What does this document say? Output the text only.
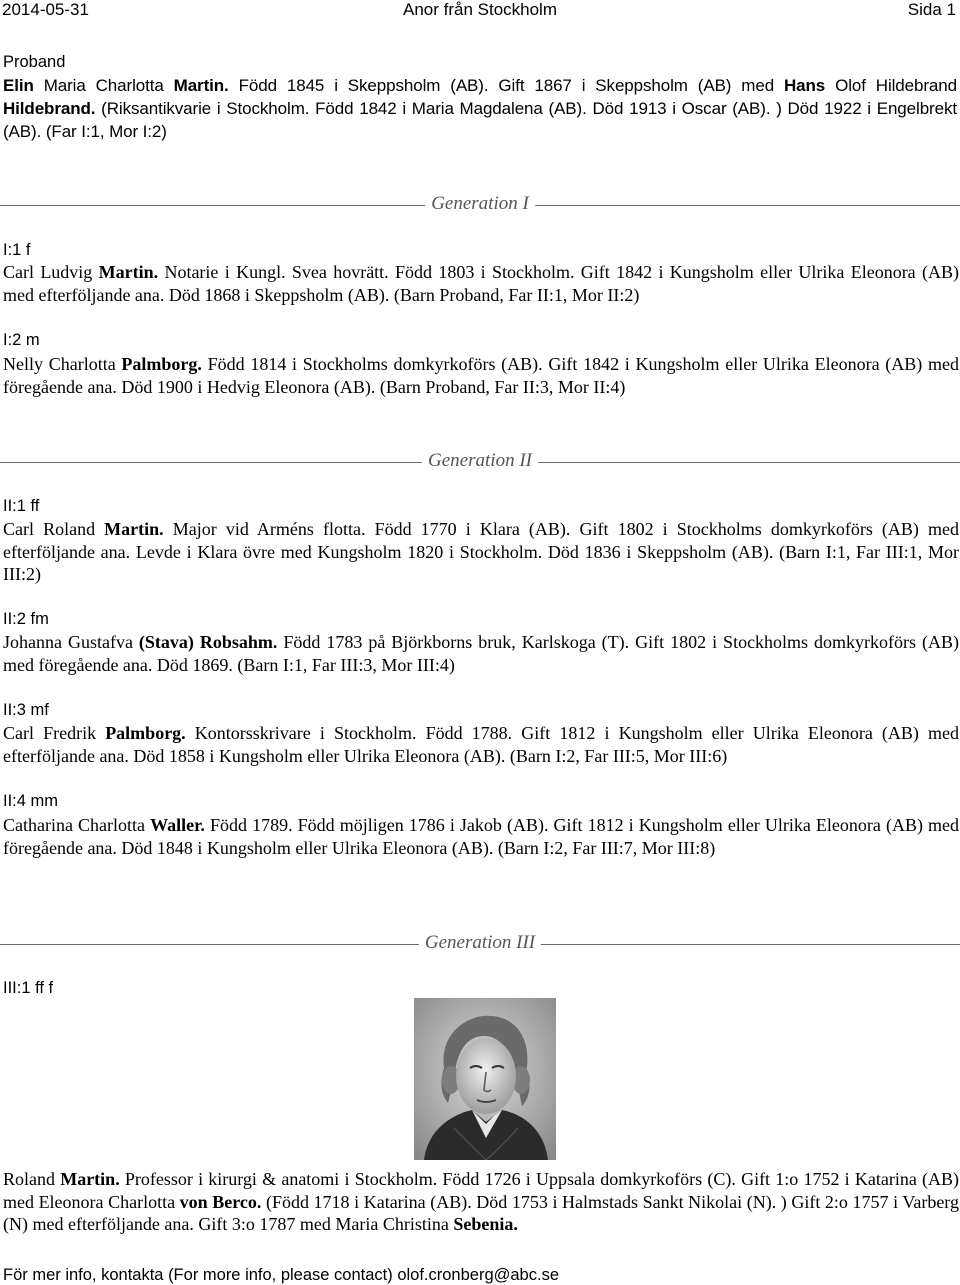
2014-05-31	Anor från Stockholm	Sida 1
Proband
Elin Maria Charlotta Martin. Född 1845 i Skeppsholm (AB). Gift 1867 i Skeppsholm (AB) med Hans Olof Hildebrand Hildebrand. (Riksantikvarie i Stockholm. Född 1842 i Maria Magdalena (AB). Död 1913 i Oscar (AB). ) Död 1922 i Engelbrekt (AB). (Far I:1, Mor I:2)
Generation I
I:1 f
Carl Ludvig Martin. Notarie i Kungl. Svea hovrätt. Född 1803 i Stockholm. Gift 1842 i Kungsholm eller Ulrika Eleonora (AB) med efterföljande ana. Död 1868 i Skeppsholm (AB). (Barn Proband, Far II:1, Mor II:2)
I:2 m
Nelly Charlotta Palmborg. Född 1814 i Stockholms domkyrkoförs (AB). Gift 1842 i Kungsholm eller Ulrika Eleonora (AB) med föregående ana. Död 1900 i Hedvig Eleonora (AB). (Barn Proband, Far II:3, Mor II:4)
Generation II
II:1 ff
Carl Roland Martin. Major vid Arméns flotta. Född 1770 i Klara (AB). Gift 1802 i Stockholms domkyrkoförs (AB) med efterföljande ana. Levde i Klara övre med Kungsholm 1820 i Stockholm. Död 1836 i Skeppsholm (AB). (Barn I:1, Far III:1, Mor III:2)
II:2 fm
Johanna Gustafva (Stava) Robsahm. Född 1783 på Björkborns bruk, Karlskoga (T). Gift 1802 i Stockholms domkyrkoförs (AB) med föregående ana. Död 1869. (Barn I:1, Far III:3, Mor III:4)
II:3 mf
Carl Fredrik Palmborg. Kontorsskrivare i Stockholm. Född 1788. Gift 1812 i Kungsholm eller Ulrika Eleonora (AB) med efterföljande ana. Död 1858 i Kungsholm eller Ulrika Eleonora (AB). (Barn I:2, Far III:5, Mor III:6)
II:4 mm
Catharina Charlotta Waller. Född 1789. Född möjligen 1786 i Jakob (AB). Gift 1812 i Kungsholm eller Ulrika Eleonora (AB) med föregående ana. Död 1848 i Kungsholm eller Ulrika Eleonora (AB). (Barn I:2, Far III:7, Mor III:8)
Generation III
III:1 ff f
Roland Martin. Professor i kirurgi & anatomi i Stockholm. Född 1726 i Uppsala domkyrkoförs (C). Gift 1:o 1752 i Katarina (AB) med Eleonora Charlotta von Berco. (Född 1718 i Katarina (AB). Död 1753 i Halmstads Sankt Nikolai (N). ) Gift 2:o 1757 i Varberg (N) med efterföljande ana. Gift 3:o 1787 med Maria Christina Sebenia.
För mer info, kontakta (For more info, please contact) olof.cronberg@abc.se
